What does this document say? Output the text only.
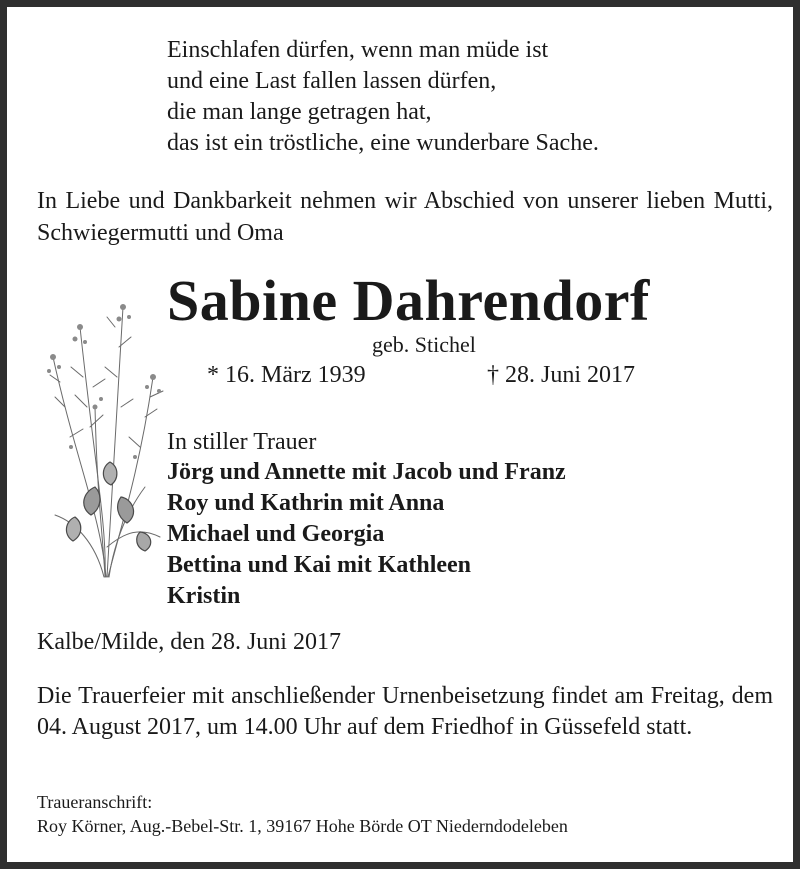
Einschlafen dürfen, wenn man müde ist
und eine Last fallen lassen dürfen,
die man lange getragen hat,
das ist ein tröstliche, eine wunderbare Sache.
In Liebe und Dankbarkeit nehmen wir Abschied von unserer lieben Mutti, Schwiegermutti und Oma
Sabine Dahrendorf
geb. Stichel
* 16. März 1939	† 28. Juni 2017
In stiller Trauer
Jörg und Annette mit Jacob und Franz
Roy und Kathrin mit Anna
Michael und Georgia
Bettina und Kai mit Kathleen
Kristin
Kalbe/Milde, den 28. Juni 2017
Die Trauerfeier mit anschließender Urnenbeisetzung findet am Freitag, dem 04. August 2017, um 14.00 Uhr auf dem Friedhof in Güssefeld statt.
Traueranschrift:
Roy Körner, Aug.-Bebel-Str. 1, 39167 Hohe Börde OT Niederndodeleben
